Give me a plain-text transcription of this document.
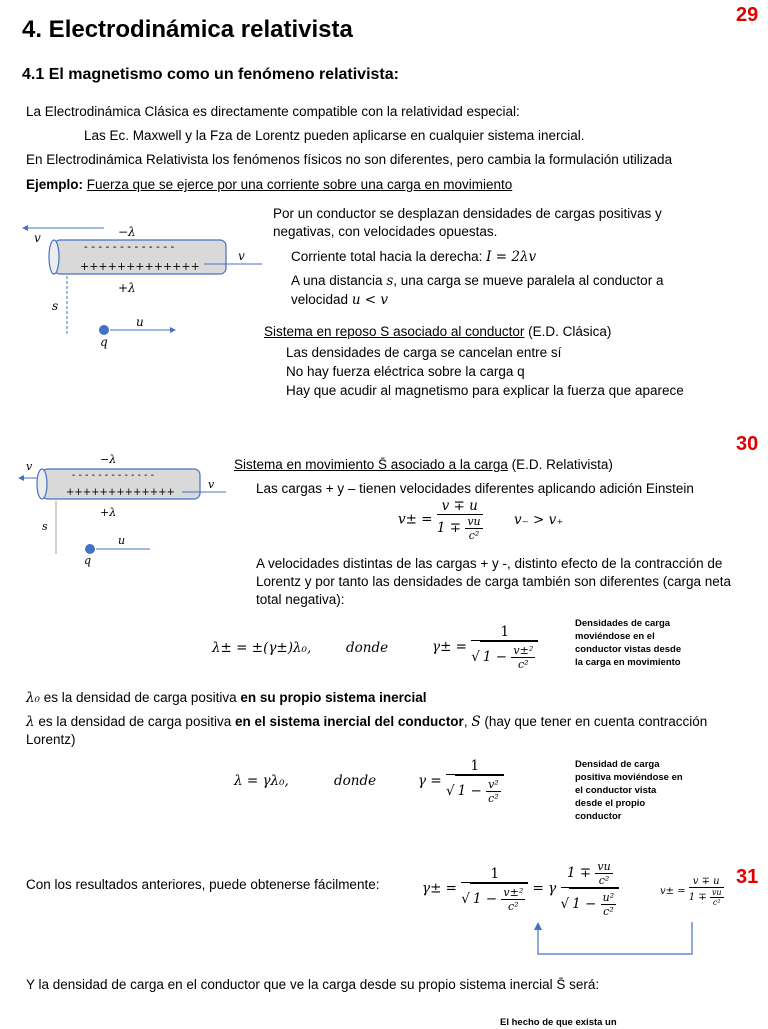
4. Electrodinámica relativista
29
4.1 El magnetismo como un fenómeno relativista:
La Electrodinámica Clásica es directamente compatible con la relatividad especial:
Las Ec. Maxwell y la Fza de Lorentz pueden aplicarse en cualquier sistema inercial.
En Electrodinámica Relativista los fenómenos físicos no son diferentes, pero cambia la formulación utilizada
Ejemplo: Fuerza que se ejerce por una corriente sobre una carga en movimiento
v
- - - - - - - - - - - - -
+++++++++++++
−λ
+λ
v
s
u
q
Por un conductor se desplazan densidades de cargas positivas y negativas, con velocidades opuestas.
Corriente total hacia la derecha: I = 2λv
A una distancia s, una carga se mueve paralela al conductor a
velocidad u < v
Sistema en reposo S asociado al conductor (E.D. Clásica)
Las densidades de carga se cancelan entre sí
No hay fuerza eléctrica sobre la carga q
Hay que acudir al magnetismo para explicar la fuerza que aparece
30
v
- - - - - - - - - - - - -
+++++++++++++
−λ
+λ
v
s
u
q
Sistema en movimiento S̄ asociado a la carga (E.D. Relativista)
Las cargas + y – tienen velocidades diferentes aplicando adición Einstein
$v\pm = \frac{v \mp u}{1 \mp \frac{vu}{\text{c²}}} v_- > v_+$
A velocidades distintas de las cargas + y -, distinto efecto de la contracción de Lorentz y por tanto las densidades de carga también son diferentes (carga neta total negativa):
λ± = ±(γ±)λ₀,	donde	$\gamma\pm = \frac{1}{√ 1 - \frac{\text{v±²}}{\text{c²}}}$
Densidades de carga moviéndose en el conductor vistas desde la carga en movimiento
λ₀ es la densidad de carga positiva en su propio sistema inercial
λ es la densidad de carga positiva en el sistema inercial del conductor, S (hay que tener en cuenta contracción Lorentz)
λ = γλ₀,	donde	$\gamma = \frac{1}{√ 1 - \frac{\text{v²}}{\text{c²}}}$	Densidad de carga positiva moviéndose en el conductor vista desde el propio conductor
31
Con los resultados anteriores, puede obtenerse fácilmente:	$\gamma\pm = \frac{1}{√ 1 - \frac{\text{v±²}}{\text{c²}}} = \gamma \frac{1 \mp \frac{vu}{\text{c²}}}{√ 1 - \frac{\text{u²}}{\text{c²}}}$	$v\pm = \frac{v \mp u}{1 \mp \frac{vu}{\text{c²}}}$
Y la densidad de carga en el conductor que ve la carga desde su propio sistema inercial S̄ será:
El hecho de que exista un
